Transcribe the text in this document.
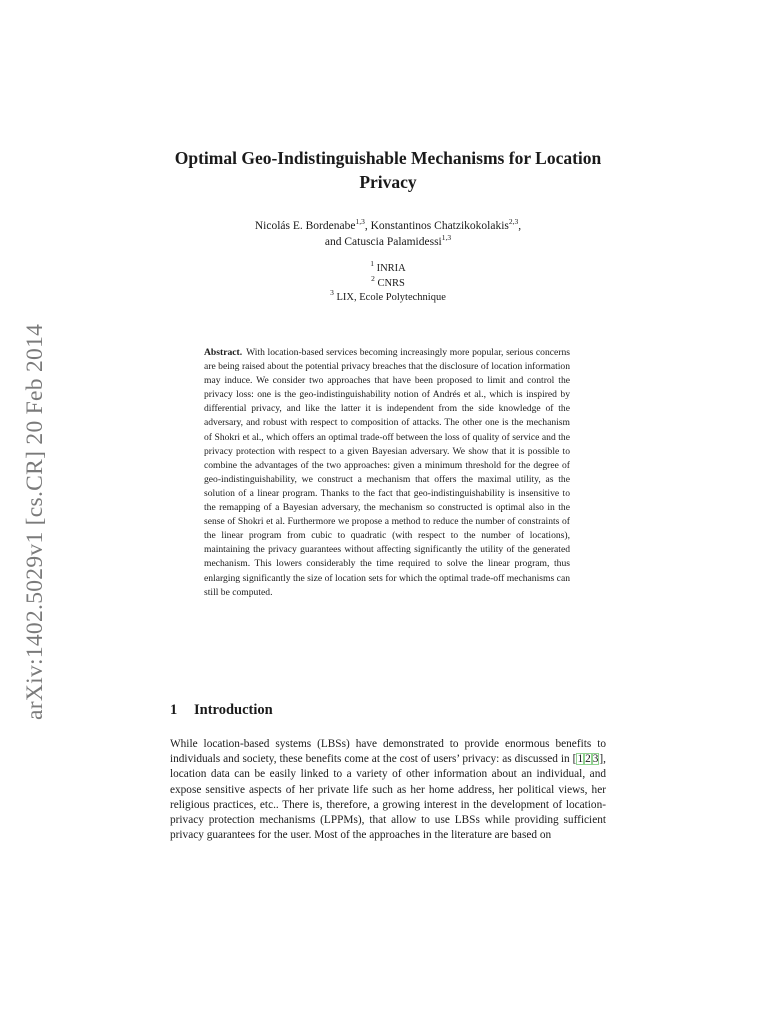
arXiv:1402.5029v1 [cs.CR] 20 Feb 2014
Optimal Geo-Indistinguishable Mechanisms for Location Privacy
Nicolás E. Bordenabe$^{1,3}$, Konstantinos Chatzikokolakis$^{2,3}$,
and Catuscia Palamidessi$^{1,3}$
$^1$ INRIA
$^2$ CNRS
$^3$ LIX, Ecole Polytechnique
Abstract. With location-based services becoming increasingly more popular, serious concerns are being raised about the potential privacy breaches that the disclosure of location information may induce. We consider two approaches that have been proposed to limit and control the privacy loss: one is the geo-indistinguishability notion of Andrés et al., which is inspired by differential privacy, and like the latter it is independent from the side knowledge of the adversary, and robust with respect to composition of attacks. The other one is the mechanism of Shokri et al., which offers an optimal trade-off between the loss of quality of service and the privacy protection with respect to a given Bayesian adversary. We show that it is possible to combine the advantages of the two approaches: given a minimum threshold for the degree of geo-indistinguishability, we construct a mechanism that offers the maximal utility, as the solution of a linear program. Thanks to the fact that geo-indistinguishability is insensitive to the remapping of a Bayesian adversary, the mechanism so constructed is optimal also in the sense of Shokri et al. Furthermore we propose a method to reduce the number of constraints of the linear program from cubic to quadratic (with respect to the number of locations), maintaining the privacy guarantees without affecting significantly the utility of the generated mechanism. This lowers considerably the time required to solve the linear program, thus enlarging significantly the size of location sets for which the optimal trade-off mechanisms can still be computed.
1 Introduction
While location-based systems (LBSs) have demonstrated to provide enormous benefits to individuals and society, these benefits come at the cost of users’ privacy: as discussed in [1 2 3], location data can be easily linked to a variety of other information about an individual, and expose sensitive aspects of her private life such as her home address, her political views, her religious practices, etc.. There is, therefore, a growing interest in the development of location-privacy protection mechanisms (LPPMs), that allow to use LBSs while providing sufficient privacy guarantees for the user. Most of the approaches in the literature are based on
